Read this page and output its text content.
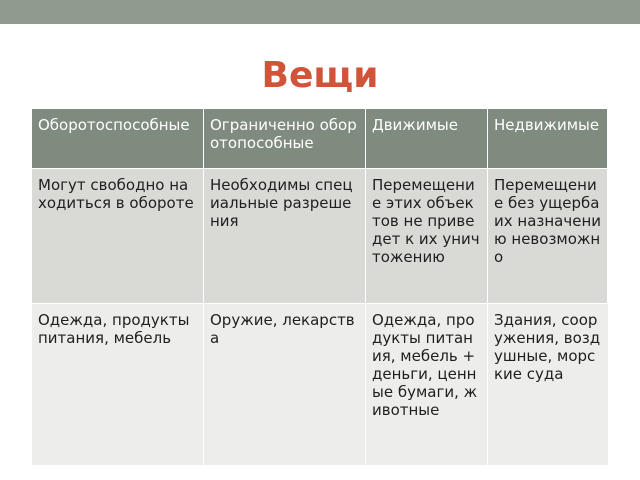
Вещи
Оборотоспособные	Ограниченно оборотопособные
Движимые	Недвижимые
Могут свободно находиться в обороте
Необходимы специальные разрешения
Перемещение этих объектов не приведет к их уничтожению
Перемещение без ущерба их назначению невозможно
Одежда, продукты питания, мебель
Оружие, лекарства
Одежда, продукты питания, мебель + деньги, ценные бумаги, животные
Здания, сооружения, воздушные, морские суда
